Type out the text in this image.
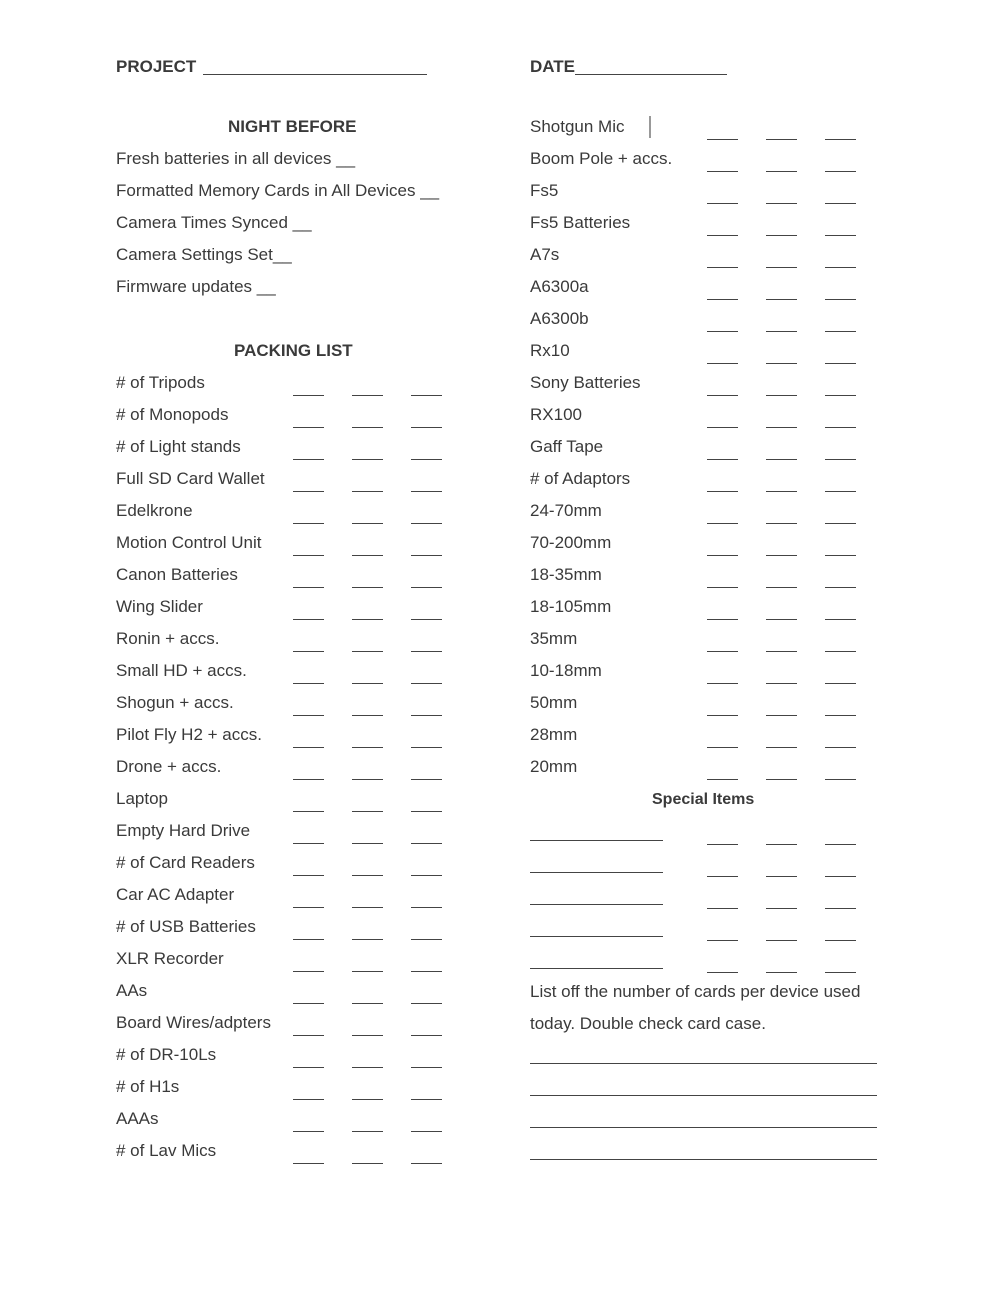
PROJECT	DATE
NIGHT BEFORE
PACKING LIST
Special Items
Fresh batteries in all devices __
Formatted Memory Cards in All Devices __
Camera Times Synced __
Camera Settings Set__
Firmware updates __
# of Tripods
# of Monopods
# of Light stands
Full SD Card Wallet
Edelkrone
Motion Control Unit
Canon Batteries
Wing Slider
Ronin + accs.
Small HD + accs.
Shogun + accs.
Pilot Fly H2 + accs.
Drone + accs.
Laptop
Empty Hard Drive
# of Card Readers
Car AC Adapter
# of USB Batteries
XLR Recorder
AAs
Board Wires/adpters
# of DR-10Ls
# of H1s
AAAs
# of Lav Mics
Shotgun Mic
Boom Pole + accs.
Fs5
Fs5 Batteries
A7s
A6300a
A6300b
Rx10
Sony Batteries
RX100
Gaff Tape
# of Adaptors
24-70mm
70-200mm
18-35mm
18-105mm
35mm
10-18mm
50mm
28mm
20mm
List off the number of cards per device used
today. Double check card case.
